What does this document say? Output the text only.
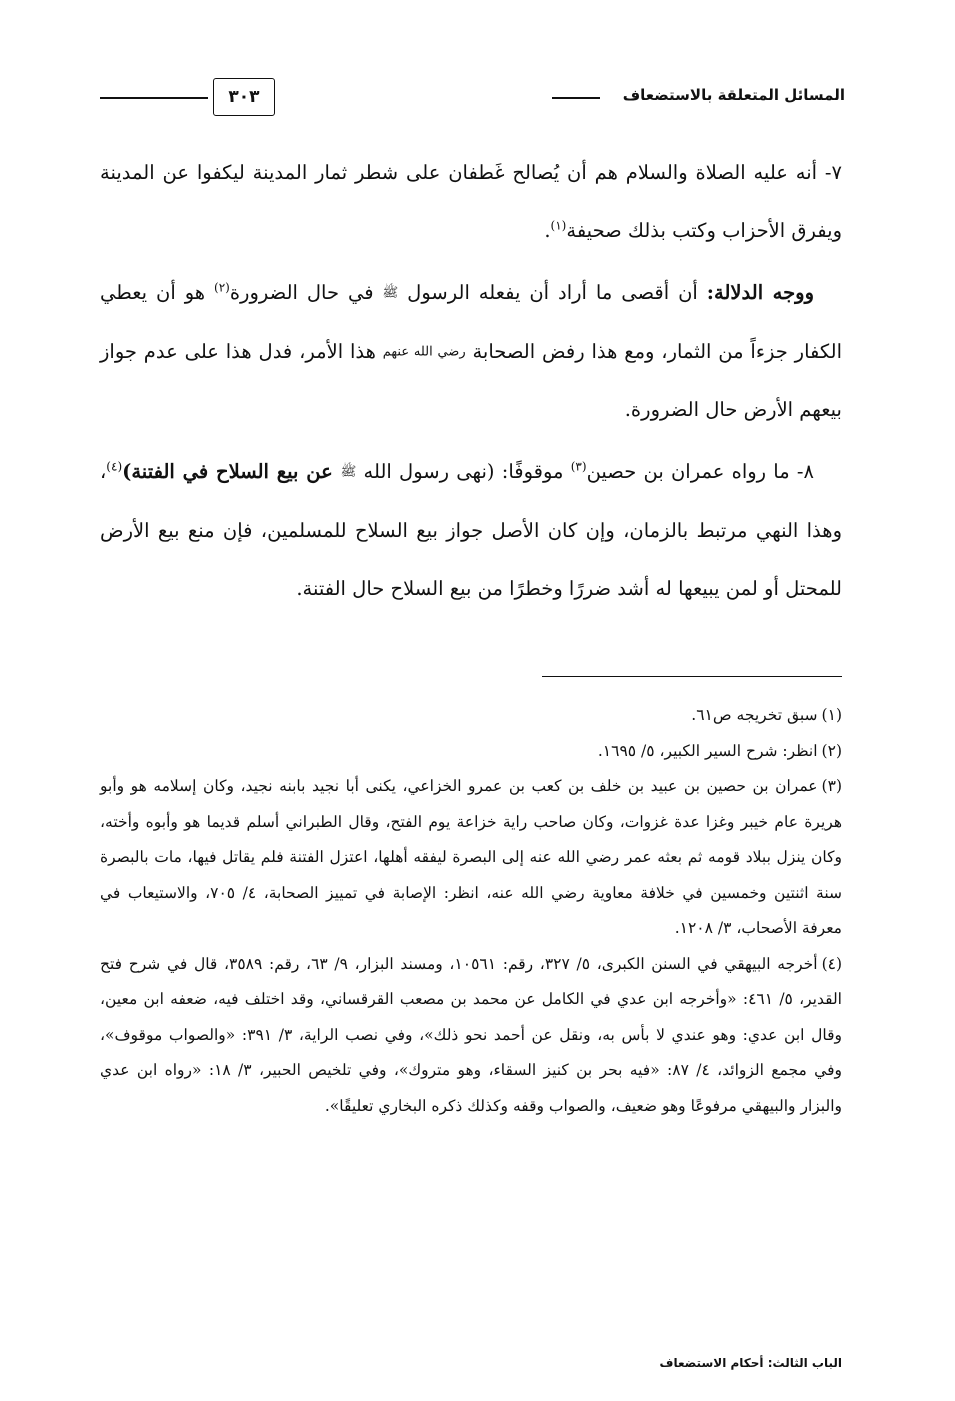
المسائل المتعلقة بالاستضعاف
٣٠٣

٧- أنه عليه الصلاة والسلام هم أن يُصالح غَطفان على شطر ثمار المدينة ليكفوا عن المدينة ويفرق الأحزاب وكتب بذلك صحيفة$^{(١)}$.

ووجه الدلالة: أن أقصى ما أراد أن يفعله الرسول ﷺ في حال الضرورة$^{(٢)}$ هو أن يعطي الكفار جزءاً من الثمار، ومع هذا رفض الصحابة رضي الله عنهم هذا الأمر، فدل هذا على عدم جواز بيعهم الأرض حال الضرورة.

٨- ما رواه عمران بن حصين$^{(٣)}$ موقوفًا: (نهى رسول الله ﷺ عن بيع السلاح في الفتنة)$^{(٤)}$، وهذا النهي مرتبط بالزمان، وإن كان الأصل جواز بيع السلاح للمسلمين، فإن منع بيع الأرض للمحتل أو لمن يبيعها له أشد ضررًا وخطرًا من بيع السلاح حال الفتنة.

(١)سبق تخريجه ص٦١.

(٢)انظر: شرح السير الكبير، ٥/ ١٦٩٥.

(٣)عمران بن حصين بن عبيد بن خلف بن كعب بن عمرو الخزاعي، يكنى أبا نجيد بابنه نجيد، وكان إسلامه هو وأبو هريرة عام خيبر وغزا عدة غزوات، وكان صاحب راية خزاعة يوم الفتح، وقال الطبراني أسلم قديما هو وأبوه وأخته، وكان ينزل ببلاد قومه ثم بعثه عمر رضي الله عنه إلى البصرة ليفقه أهلها، اعتزل الفتنة فلم يقاتل فيها، مات بالبصرة سنة اثنتين وخمسين في خلافة معاوية رضي الله عنه، انظر: الإصابة في تمييز الصحابة، ٤/ ٧٠٥، والاستيعاب في معرفة الأصحاب، ٣/ ١٢٠٨.

(٤)أخرجه البيهقي في السنن الكبرى، ٥/ ٣٢٧، رقم: ١٠٥٦١، ومسند البزار، ٩/ ٦٣، رقم: ٣٥٨٩، قال في شرح فتح القدير، ٥/ ٤٦١: «وأخرجه ابن عدي في الكامل عن محمد بن مصعب القرقساني، وقد اختلف فيه، ضعفه ابن معين، وقال ابن عدي: وهو عندي لا بأس به، ونقل عن أحمد نحو ذلك»، وفي نصب الراية، ٣/ ٣٩١: «والصواب موقوف»، وفي مجمع الزوائد، ٤/ ٨٧: «فيه بحر بن كنيز السقاء، وهو متروك»، وفي تلخيص الحبير، ٣/ ١٨: «رواه ابن عدي والبزار والبيهقي مرفوعًا وهو ضعيف، والصواب وقفه وكذلك ذكره البخاري تعليقًا».

الباب الثالث: أحكام الاستضعاف
